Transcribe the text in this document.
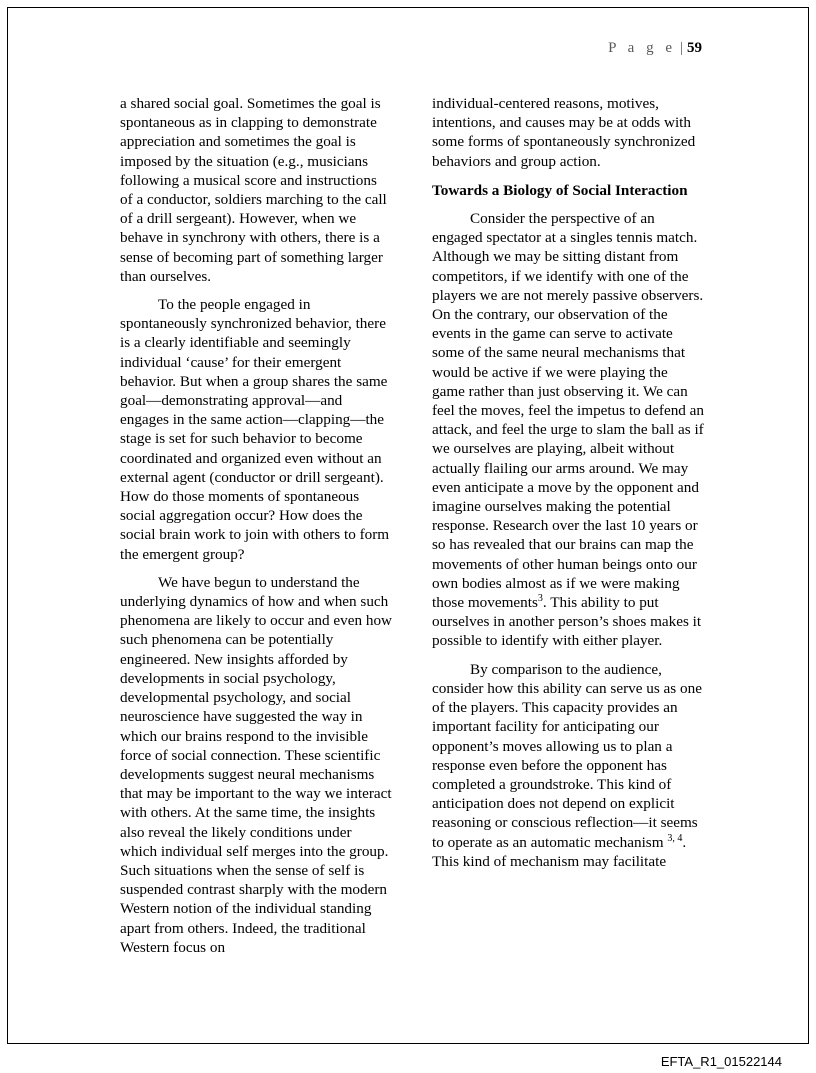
P a g e | 59

a shared social goal. Sometimes the goal is spontaneous as in clapping to demonstrate appreciation and sometimes the goal is imposed by the situation (e.g., musicians following a musical score and instructions of a conductor, soldiers marching to the call of a drill sergeant). However, when we behave in synchrony with others, there is a sense of becoming part of something larger than ourselves.

To the people engaged in spontaneously synchronized behavior, there is a clearly identifiable and seemingly individual ‘cause’ for their emergent behavior. But when a group shares the same goal—demonstrating approval—and engages in the same action—clapping—the stage is set for such behavior to become coordinated and organized even without an external agent (conductor or drill sergeant). How do those moments of spontaneous social aggregation occur? How does the social brain work to join with others to form the emergent group?

We have begun to understand the underlying dynamics of how and when such phenomena are likely to occur and even how such phenomena can be potentially engineered. New insights afforded by developments in social psychology, developmental psychology, and social neuroscience have suggested the way in which our brains respond to the invisible force of social connection. These scientific developments suggest neural mechanisms that may be important to the way we interact with others. At the same time, the insights also reveal the likely conditions under which individual self merges into the group. Such situations when the sense of self is suspended contrast sharply with the modern Western notion of the individual standing apart from others. Indeed, the traditional Western focus on

individual-centered reasons, motives, intentions, and causes may be at odds with some forms of spontaneously synchronized behaviors and group action.

Towards a Biology of Social Interaction

Consider the perspective of an engaged spectator at a singles tennis match. Although we may be sitting distant from competitors, if we identify with one of the players we are not merely passive observers. On the contrary, our observation of the events in the game can serve to activate some of the same neural mechanisms that would be active if we were playing the game rather than just observing it. We can feel the moves, feel the impetus to defend an attack, and feel the urge to slam the ball as if we ourselves are playing, albeit without actually flailing our arms around. We may even anticipate a move by the opponent and imagine ourselves making the potential response. Research over the last 10 years or so has revealed that our brains can map the movements of other human beings onto our own bodies almost as if we were making those movements$^3$. This ability to put ourselves in another person’s shoes makes it possible to identify with either player.

By comparison to the audience, consider how this ability can serve us as one of the players. This capacity provides an important facility for anticipating our opponent’s moves allowing us to plan a response even before the opponent has completed a groundstroke. This kind of anticipation does not depend on explicit reasoning or conscious reflection—it seems to operate as an automatic mechanism $^{3, 4}$. This kind of mechanism may facilitate

EFTA_R1_01522144
